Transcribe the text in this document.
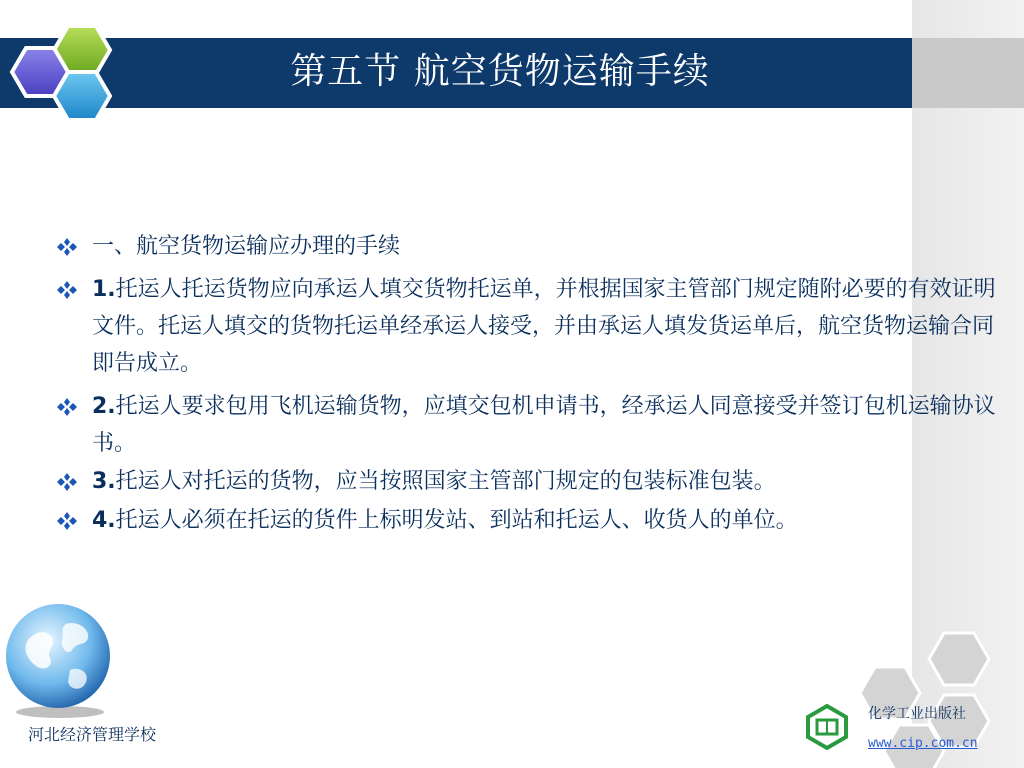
第五节 航空货物运输手续
一、航空货物运输应办理的手续
1.托运人托运货物应向承运人填交货物托运单，并根据国家主管部门规定随附必要的有效证明文件。托运人填交的货物托运单经承运人接受，并由承运人填发货运单后，航空货物运输合同即告成立。
2.托运人要求包用飞机运输货物，应填交包机申请书，经承运人同意接受并签订包机运输协议书。
3.托运人对托运的货物，应当按照国家主管部门规定的包装标准包装。
4.托运人必须在托运的货件上标明发站、到站和托运人、收货人的单位。
河北经济管理学校
化学工业出版社
www.cip.com.cn
